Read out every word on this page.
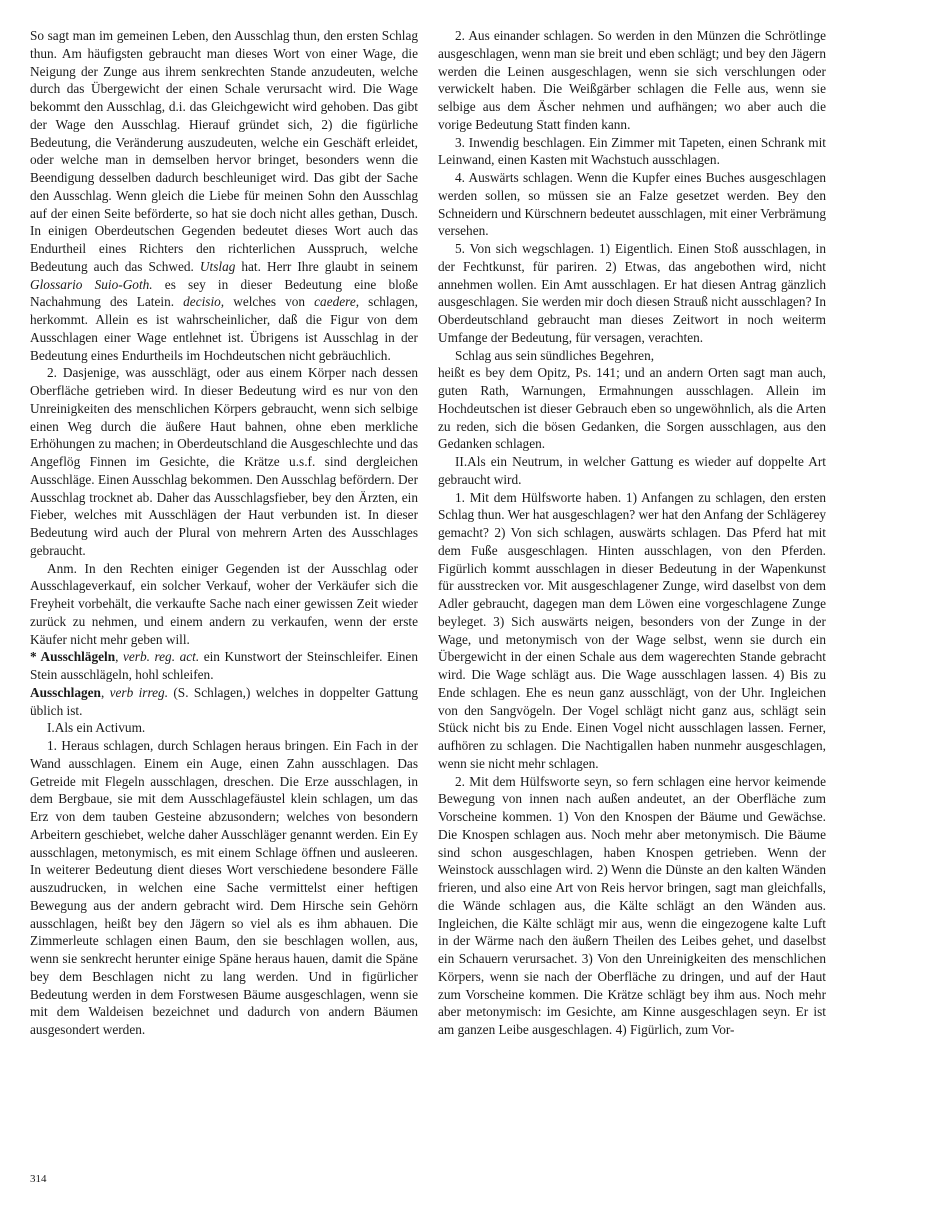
So sagt man im gemeinen Leben, den Ausschlag thun, den ersten Schlag thun. Am häufigsten gebraucht man dieses Wort von einer Wage, die Neigung der Zunge aus ihrem senkrechten Stande anzudeuten, welche durch das Übergewicht der einen Schale verursacht wird. Die Wage bekommt den Ausschlag, d.i. das Gleichgewicht wird gehoben. Das gibt der Wage den Ausschlag. Hierauf gründet sich, 2) die figürliche Bedeutung, die Veränderung auszudeuten, welche ein Geschäft erleidet, oder welche man in demselben hervor bringet, besonders wenn die Beendigung desselben dadurch beschleuniget wird. Das gibt der Sache den Ausschlag. Wenn gleich die Liebe für meinen Sohn den Ausschlag auf der einen Seite beförderte, so hat sie doch nicht alles gethan, Dusch. In einigen Oberdeutschen Gegenden bedeutet dieses Wort auch das Endurtheil eines Richters den richterlichen Ausspruch, welche Bedeutung auch das Schwed. Utslag hat. Herr Ihre glaubt in seinem Glossario Suio-Goth. es sey in dieser Bedeutung eine bloße Nachahmung des Latein. decisio, welches von caedere, schlagen, herkommt. Allein es ist wahrscheinlicher, daß die Figur von dem Ausschlagen einer Wage entlehnet ist. Übrigens ist Ausschlag in der Bedeutung eines Endurtheils im Hochdeutschen nicht gebräuchlich.

2. Dasjenige, was ausschlägt, oder aus einem Körper nach dessen Oberfläche getrieben wird. In dieser Bedeutung wird es nur von den Unreinigkeiten des menschlichen Körpers gebraucht, wenn sich selbige einen Weg durch die äußere Haut bahnen, ohne eben merkliche Erhöhungen zu machen; in Oberdeutschland die Ausgeschlechte und das Angeflög Finnen im Gesichte, die Krätze u.s.f. sind dergleichen Ausschläge. Einen Ausschlag bekommen. Den Ausschlag befördern. Der Ausschlag trocknet ab. Daher das Ausschlagsfieber, bey den Ärzten, ein Fieber, welches mit Ausschlägen der Haut verbunden ist. In dieser Bedeutung wird auch der Plural von mehrern Arten des Ausschlages gebraucht.

Anm. In den Rechten einiger Gegenden ist der Ausschlag oder Ausschlageverkauf, ein solcher Verkauf, woher der Verkäufer sich die Freyheit vorbehält, die verkaufte Sache nach einer gewissen Zeit wieder zurück zu nehmen, und einem andern zu verkaufen, wenn der erste Käufer nicht mehr geben will.

* Ausschlägeln, verb. reg. act. ein Kunstwort der Steinschleifer. Einen Stein ausschlägeln, hohl schleifen.

Ausschlagen, verb irreg. (S. Schlagen,) welches in doppelter Gattung üblich ist.

I.Als ein Activum.

1. Heraus schlagen, durch Schlagen heraus bringen. Ein Fach in der Wand ausschlagen. Einem ein Auge, einen Zahn ausschlagen. Das Getreide mit Flegeln ausschlagen, dreschen. Die Erze ausschlagen, in dem Bergbaue, sie mit dem Ausschlagefäustel klein schlagen, um das Erz von dem tauben Gesteine abzusondern; welches von besondern Arbeitern geschiebet, welche daher Ausschläger genannt werden. Ein Ey ausschlagen, metonymisch, es mit einem Schlage öffnen und ausleeren. In weiterer Bedeutung dient dieses Wort verschiedene besondere Fälle auszudrucken, in welchen eine Sache vermittelst einer heftigen Bewegung aus der andern gebracht wird. Dem Hirsche sein Gehörn ausschlagen, heißt bey den Jägern so viel als es ihm abhauen. Die Zimmerleute schlagen einen Baum, den sie beschlagen wollen, aus, wenn sie senkrecht herunter einige Späne heraus hauen, damit die Späne bey dem Beschlagen nicht zu lang werden. Und in figürlicher Bedeutung werden in dem Forstwesen Bäume ausgeschlagen, wenn sie mit dem Waldeisen bezeichnet und dadurch von andern Bäumen ausgesondert werden.

2. Aus einander schlagen. So werden in den Münzen die Schrötlinge ausgeschlagen, wenn man sie breit und eben schlägt; und bey den Jägern werden die Leinen ausgeschlagen, wenn sie sich verschlungen oder verwickelt haben. Die Weißgärber schlagen die Felle aus, wenn sie selbige aus dem Äscher nehmen und aufhängen; wo aber auch die vorige Bedeutung Statt finden kann.

3. Inwendig beschlagen. Ein Zimmer mit Tapeten, einen Schrank mit Leinwand, einen Kasten mit Wachstuch ausschlagen.

4. Auswärts schlagen. Wenn die Kupfer eines Buches ausgeschlagen werden sollen, so müssen sie an Falze gesetzet werden. Bey den Schneidern und Kürschnern bedeutet ausschlagen, mit einer Verbrämung versehen.

5. Von sich wegschlagen. 1) Eigentlich. Einen Stoß ausschlagen, in der Fechtkunst, für pariren. 2) Etwas, das angebothen wird, nicht annehmen wollen. Ein Amt ausschlagen. Er hat diesen Antrag gänzlich ausgeschlagen. Sie werden mir doch diesen Strauß nicht ausschlagen? In Oberdeutschland gebraucht man dieses Zeitwort in noch weiterm Umfange der Bedeutung, für versagen, verachten.

Schlag aus sein sündliches Begehren,

heißt es bey dem Opitz, Ps. 141; und an andern Orten sagt man auch, guten Rath, Warnungen, Ermahnungen ausschlagen. Allein im Hochdeutschen ist dieser Gebrauch eben so ungewöhnlich, als die Arten zu reden, sich die bösen Gedanken, die Sorgen ausschlagen, aus den Gedanken schlagen.

II.Als ein Neutrum, in welcher Gattung es wieder auf doppelte Art gebraucht wird.

1. Mit dem Hülfsworte haben. 1) Anfangen zu schlagen, den ersten Schlag thun. Wer hat ausgeschlagen? wer hat den Anfang der Schlägerey gemacht? 2) Von sich schlagen, auswärts schlagen. Das Pferd hat mit dem Fuße ausgeschlagen. Hinten ausschlagen, von den Pferden. Figürlich kommt ausschlagen in dieser Bedeutung in der Wapenkunst für ausstrecken vor. Mit ausgeschlagener Zunge, wird daselbst von dem Adler gebraucht, dagegen man dem Löwen eine vorgeschlagene Zunge beyleget. 3) Sich auswärts neigen, besonders von der Zunge in der Wage, und metonymisch von der Wage selbst, wenn sie durch ein Übergewicht in der einen Schale aus dem wagerechten Stande gebracht wird. Die Wage schlägt aus. Die Wage ausschlagen lassen. 4) Bis zu Ende schlagen. Ehe es neun ganz ausschlägt, von der Uhr. Ingleichen von den Sangvögeln. Der Vogel schlägt nicht ganz aus, schlägt sein Stück nicht bis zu Ende. Einen Vogel nicht ausschlagen lassen. Ferner, aufhören zu schlagen. Die Nachtigallen haben nunmehr ausgeschlagen, wenn sie nicht mehr schlagen.

2. Mit dem Hülfsworte seyn, so fern schlagen eine hervor keimende Bewegung von innen nach außen andeutet, an der Oberfläche zum Vorscheine kommen. 1) Von den Knospen der Bäume und Gewächse. Die Knospen schlagen aus. Noch mehr aber metonymisch. Die Bäume sind schon ausgeschlagen, haben Knospen getrieben. Wenn der Weinstock ausschlagen wird. 2) Wenn die Dünste an den kalten Wänden frieren, und also eine Art von Reis hervor bringen, sagt man gleichfalls, die Wände schlagen aus, die Kälte schlägt an den Wänden aus. Ingleichen, die Kälte schlägt mir aus, wenn die eingezogene kalte Luft in der Wärme nach den äußern Theilen des Leibes gehet, und daselbst ein Schauern verursachet. 3) Von den Unreinigkeiten des menschlichen Körpers, wenn sie nach der Oberfläche zu dringen, und auf der Haut zum Vorscheine kommen. Die Krätze schlägt bey ihm aus. Noch mehr aber metonymisch: im Gesichte, am Kinne ausgeschlagen seyn. Er ist am ganzen Leibe ausgeschlagen. 4) Figürlich, zum Vor-

314
